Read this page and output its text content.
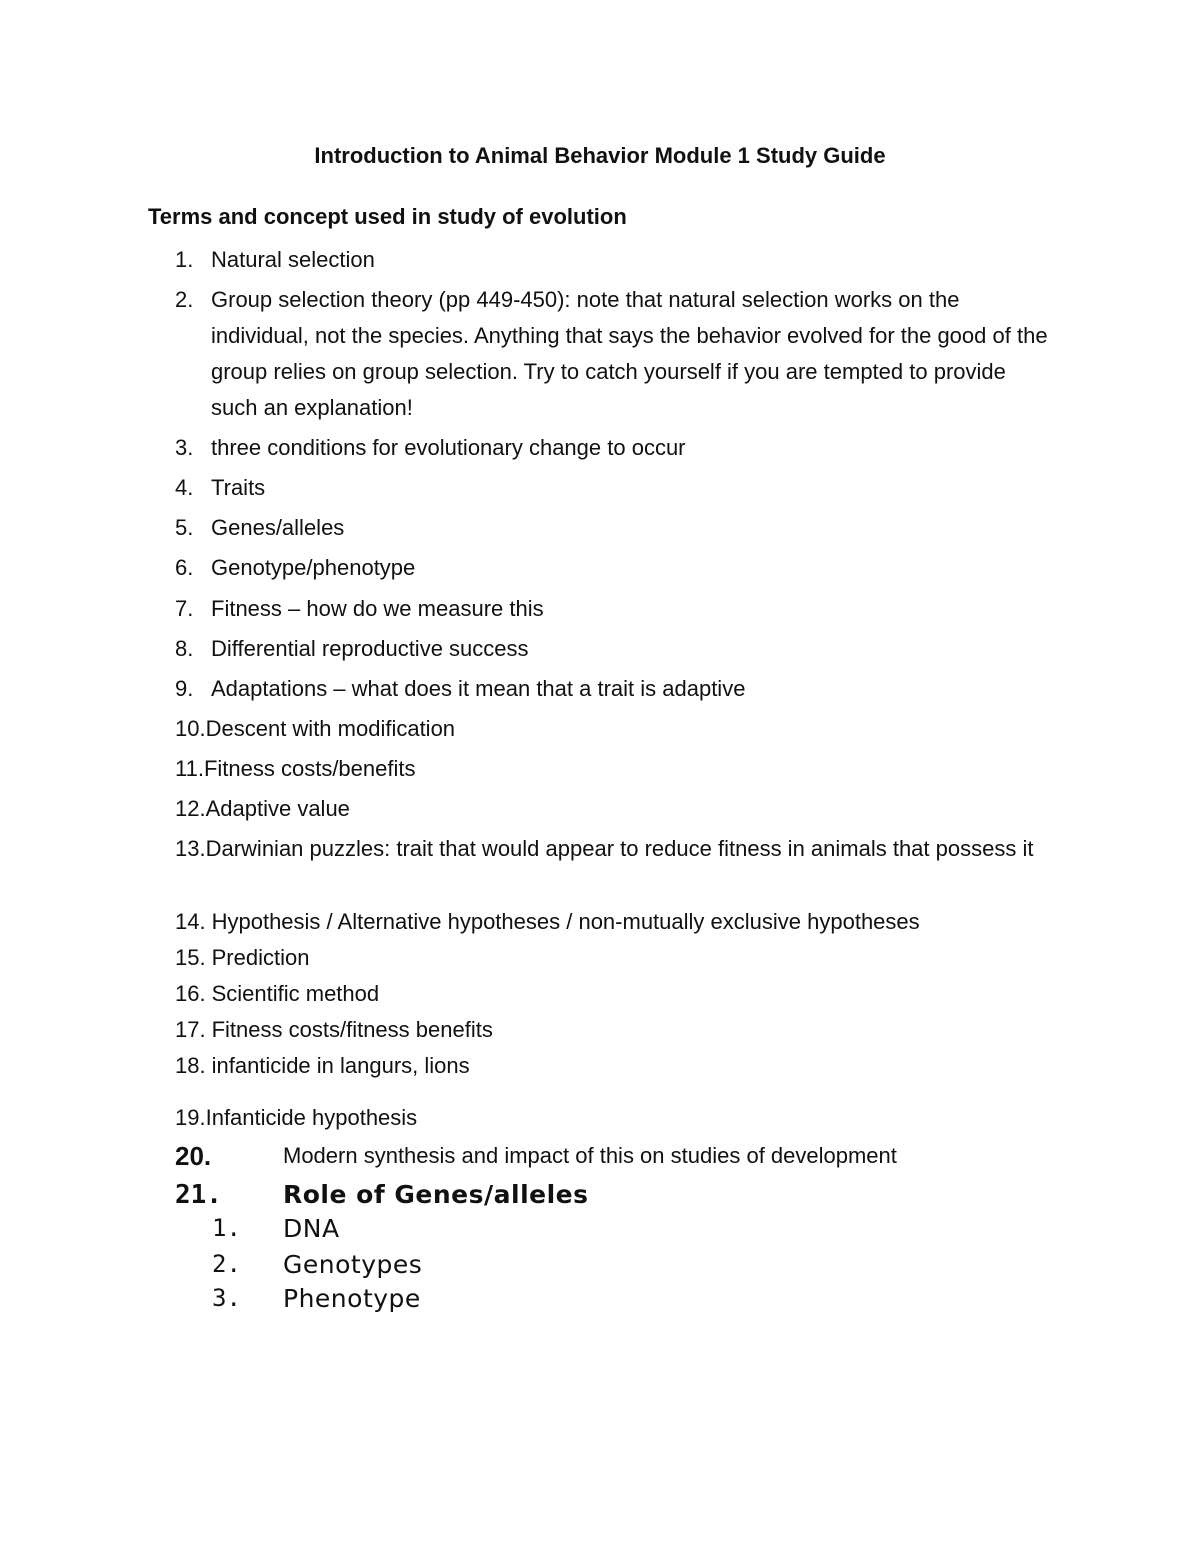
Introduction to Animal Behavior Module 1 Study Guide
Terms and concept used in study of evolution
1. Natural selection
2. Group selection theory (pp 449-450): note that natural selection works on the individual, not the species. Anything that says the behavior evolved for the good of the group relies on group selection. Try to catch yourself if you are tempted to provide such an explanation!
3. three conditions for evolutionary change to occur
4. Traits
5. Genes/alleles
6. Genotype/phenotype
7. Fitness – how do we measure this
8. Differential reproductive success
9. Adaptations – what does it mean that a trait is adaptive
10.Descent with modification
11.Fitness costs/benefits
12.Adaptive value
13.Darwinian puzzles: trait that would appear to reduce fitness in animals that possess it
14. Hypothesis / Alternative hypotheses / non-mutually exclusive hypotheses
15. Prediction
16. Scientific method
17. Fitness costs/fitness benefits
18. infanticide in langurs, lions
19.Infanticide hypothesis
20.	Modern synthesis and impact of this on studies of development
21. Role of Genes/alleles
1. DNA
2. Genotypes
3. Phenotype
